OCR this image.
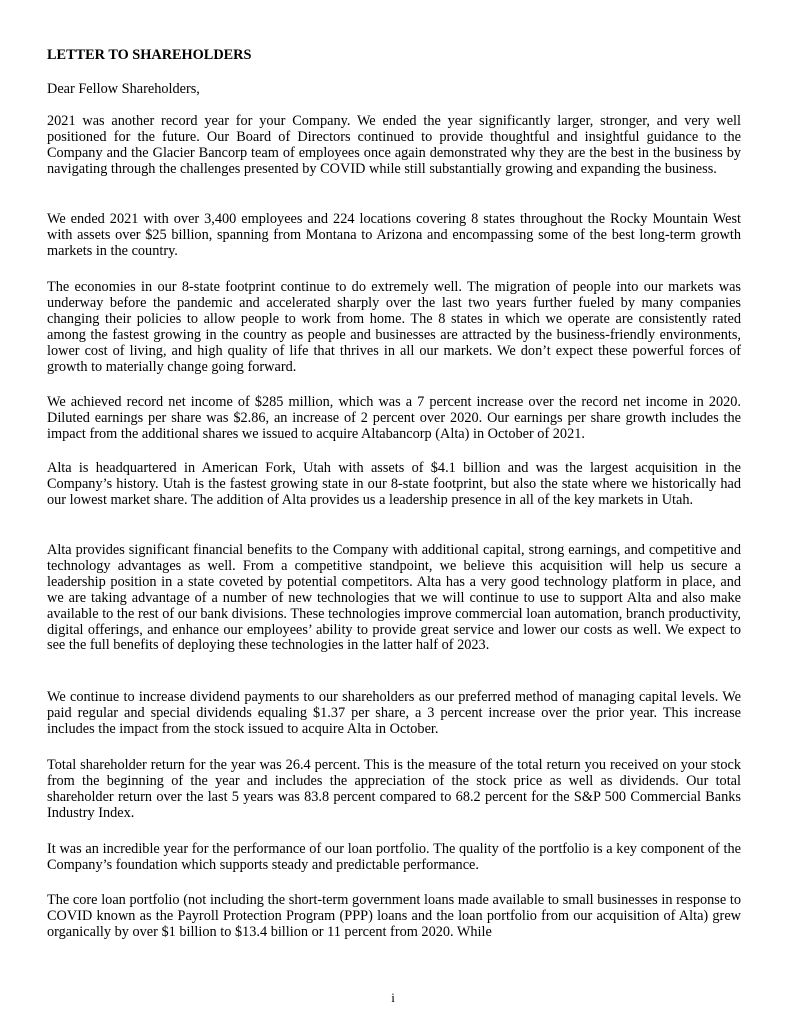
LETTER TO SHAREHOLDERS
Dear Fellow Shareholders,
2021 was another record year for your Company. We ended the year significantly larger, stronger, and very well positioned for the future. Our Board of Directors continued to provide thoughtful and insightful guidance to the Company and the Glacier Bancorp team of employees once again demonstrated why they are the best in the business by navigating through the challenges presented by COVID while still substantially growing and expanding the business.
We ended 2021 with over 3,400 employees and 224 locations covering 8 states throughout the Rocky Mountain West with assets over $25 billion, spanning from Montana to Arizona and encompassing some of the best long-term growth markets in the country.
The economies in our 8-state footprint continue to do extremely well. The migration of people into our markets was underway before the pandemic and accelerated sharply over the last two years further fueled by many companies changing their policies to allow people to work from home. The 8 states in which we operate are consistently rated among the fastest growing in the country as people and businesses are attracted by the business-friendly environments, lower cost of living, and high quality of life that thrives in all our markets. We don’t expect these powerful forces of growth to materially change going forward.
We achieved record net income of $285 million, which was a 7 percent increase over the record net income in 2020. Diluted earnings per share was $2.86, an increase of 2 percent over 2020. Our earnings per share growth includes the impact from the additional shares we issued to acquire Altabancorp (Alta) in October of 2021.
Alta is headquartered in American Fork, Utah with assets of $4.1 billion and was the largest acquisition in the Company’s history. Utah is the fastest growing state in our 8-state footprint, but also the state where we historically had our lowest market share. The addition of Alta provides us a leadership presence in all of the key markets in Utah.
Alta provides significant financial benefits to the Company with additional capital, strong earnings, and competitive and technology advantages as well. From a competitive standpoint, we believe this acquisition will help us secure a leadership position in a state coveted by potential competitors. Alta has a very good technology platform in place, and we are taking advantage of a number of new technologies that we will continue to use to support Alta and also make available to the rest of our bank divisions. These technologies improve commercial loan automation, branch productivity, digital offerings, and enhance our employees’ ability to provide great service and lower our costs as well. We expect to see the full benefits of deploying these technologies in the latter half of 2023.
We continue to increase dividend payments to our shareholders as our preferred method of managing capital levels. We paid regular and special dividends equaling $1.37 per share, a 3 percent increase over the prior year. This increase includes the impact from the stock issued to acquire Alta in October.
Total shareholder return for the year was 26.4 percent. This is the measure of the total return you received on your stock from the beginning of the year and includes the appreciation of the stock price as well as dividends. Our total shareholder return over the last 5 years was 83.8 percent compared to 68.2 percent for the S&P 500 Commercial Banks Industry Index.
It was an incredible year for the performance of our loan portfolio. The quality of the portfolio is a key component of the Company’s foundation which supports steady and predictable performance.
The core loan portfolio (not including the short-term government loans made available to small businesses in response to COVID known as the Payroll Protection Program (PPP) loans and the loan portfolio from our acquisition of Alta) grew organically by over $1 billion to $13.4 billion or 11 percent from 2020. While
i
